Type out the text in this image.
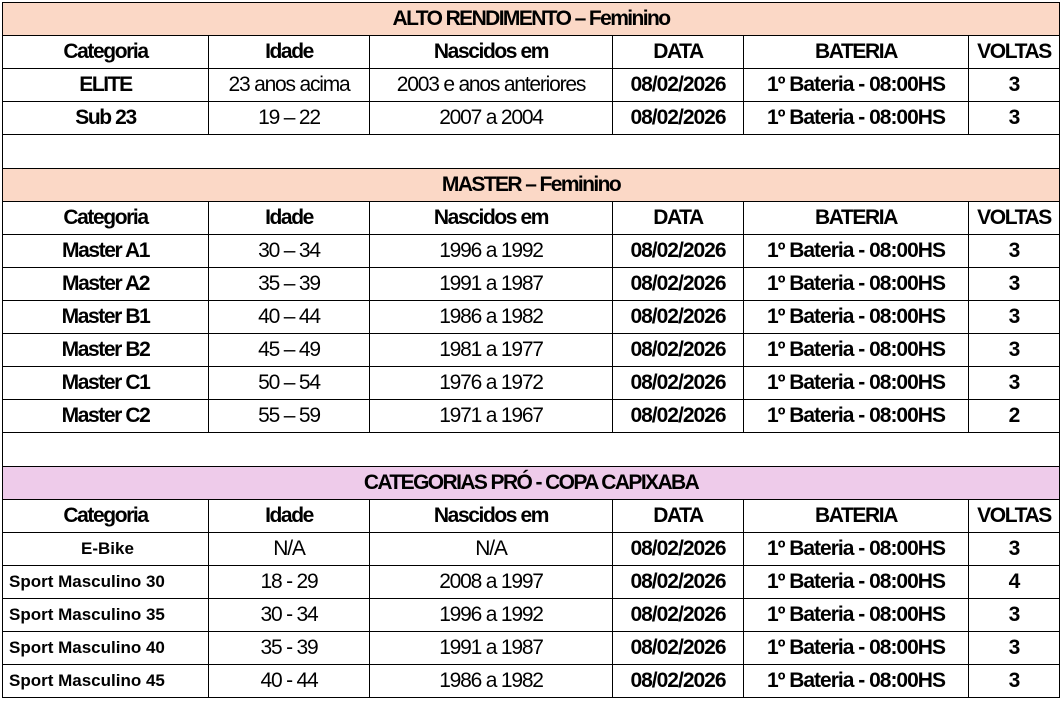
ALTO RENDIMENTO – Feminino					
Categoria	Idade	Nascidos em	DATA	BATERIA	VOLTAS
ELITE	23 anos acima	2003 e anos anteriores	08/02/2026	1º Bateria - 08:00HS	3
Sub 23	19 – 22	2007 a 2004	08/02/2026	1º Bateria - 08:00HS	3

MASTER – Feminino					
Categoria	Idade	Nascidos em	DATA	BATERIA	VOLTAS
Master A1	30 – 34	1996 a 1992	08/02/2026	1º Bateria - 08:00HS	3
Master A2	35 – 39	1991 a 1987	08/02/2026	1º Bateria - 08:00HS	3
Master B1	40 – 44	1986 a 1982	08/02/2026	1º Bateria - 08:00HS	3
Master B2	45 – 49	1981 a 1977	08/02/2026	1º Bateria - 08:00HS	3
Master C1	50 – 54	1976 a 1972	08/02/2026	1º Bateria - 08:00HS	3
Master C2	55 – 59	1971 a 1967	08/02/2026	1º Bateria - 08:00HS	2

CATEGORIAS PRÓ - COPA CAPIXABA					
Categoria	Idade	Nascidos em	DATA	BATERIA	VOLTAS
E-Bike	N/A	N/A	08/02/2026	1º Bateria - 08:00HS	3
Sport Masculino 30	18 - 29	2008 a 1997	08/02/2026	1º Bateria - 08:00HS	4
Sport Masculino 35	30 - 34	1996 a 1992	08/02/2026	1º Bateria - 08:00HS	3
Sport Masculino 40	35 - 39	1991 a 1987	08/02/2026	1º Bateria - 08:00HS	3
Sport Masculino 45	40 - 44	1986 a 1982	08/02/2026	1º Bateria - 08:00HS	3
